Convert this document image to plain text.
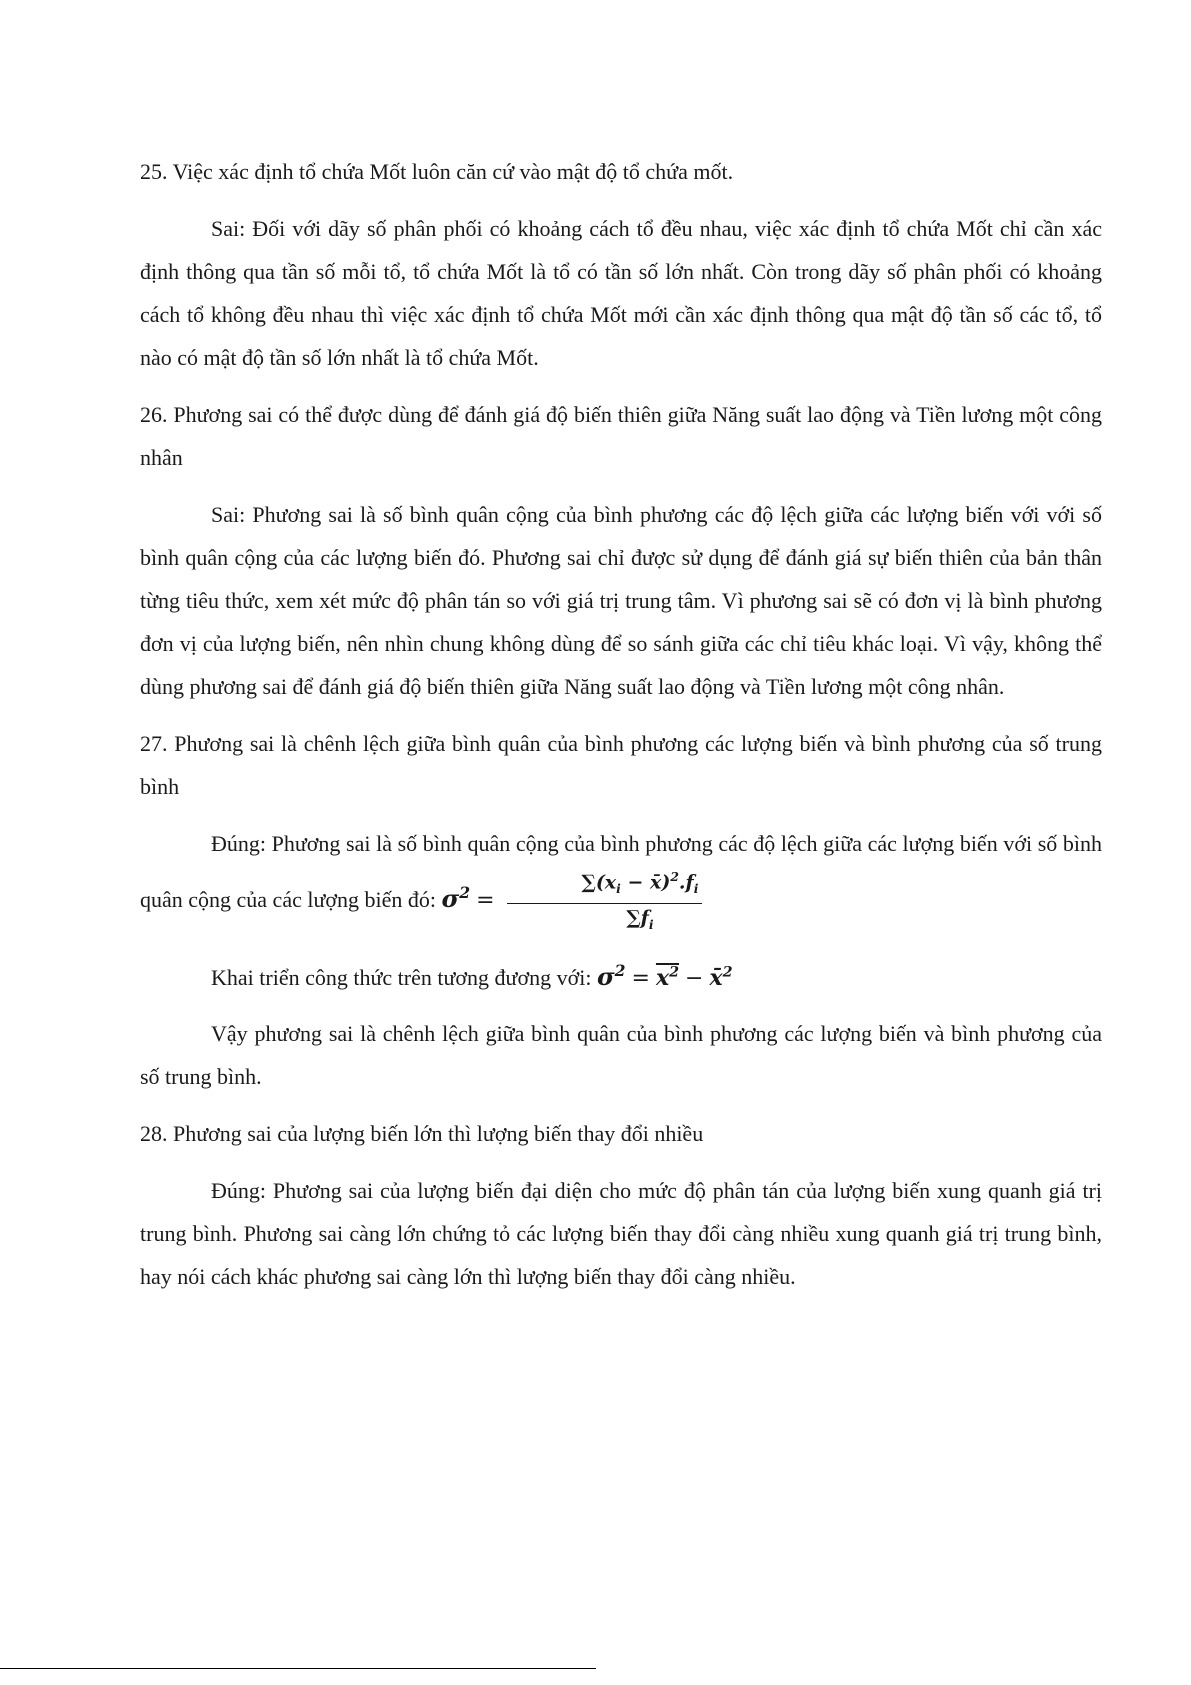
25. Việc xác định tổ chứa Mốt luôn căn cứ vào mật độ tổ chứa mốt.

Sai: Đối với dãy số phân phối có khoảng cách tổ đều nhau, việc xác định tổ chứa Mốt chỉ cần xác định thông qua tần số mỗi tổ, tổ chứa Mốt là tổ có tần số lớn nhất. Còn trong dãy số phân phối có khoảng cách tổ không đều nhau thì việc xác định tổ chứa Mốt mới cần xác định thông qua mật độ tần số các tổ, tổ nào có mật độ tần số lớn nhất là tổ chứa Mốt.

26. Phương sai có thể được dùng để đánh giá độ biến thiên giữa Năng suất lao động và Tiền lương một công nhân

Sai: Phương sai là số bình quân cộng của bình phương các độ lệch giữa các lượng biến với với số bình quân cộng của các lượng biến đó. Phương sai chỉ được sử dụng để đánh giá sự biến thiên của bản thân từng tiêu thức, xem xét mức độ phân tán so với giá trị trung tâm. Vì phương sai sẽ có đơn vị là bình phương đơn vị của lượng biến, nên nhìn chung không dùng để so sánh giữa các chỉ tiêu khác loại. Vì vậy, không thể dùng phương sai để đánh giá độ biến thiên giữa Năng suất lao động và Tiền lương một công nhân.

27. Phương sai là chênh lệch giữa bình quân của bình phương các lượng biến và bình phương của số trung bình

Đúng: Phương sai là số bình quân cộng của bình phương các độ lệch giữa các lượng biến với số bình quân cộng của các lượng biến đó: $\sigma^2 = \frac{\sum(x_i - x̄)^2.f_i}{\sum f_i}$

Khai triển công thức trên tương đương với: $\sigma^2 = x^2$ − x̄$^2$

Vậy phương sai là chênh lệch giữa bình quân của bình phương các lượng biến và bình phương của số trung bình.

28. Phương sai của lượng biến lớn thì lượng biến thay đổi nhiều

Đúng: Phương sai của lượng biến đại diện cho mức độ phân tán của lượng biến xung quanh giá trị trung bình. Phương sai càng lớn chứng tỏ các lượng biến thay đổi càng nhiều xung quanh giá trị trung bình, hay nói cách khác phương sai càng lớn thì lượng biến thay đổi càng nhiều.
